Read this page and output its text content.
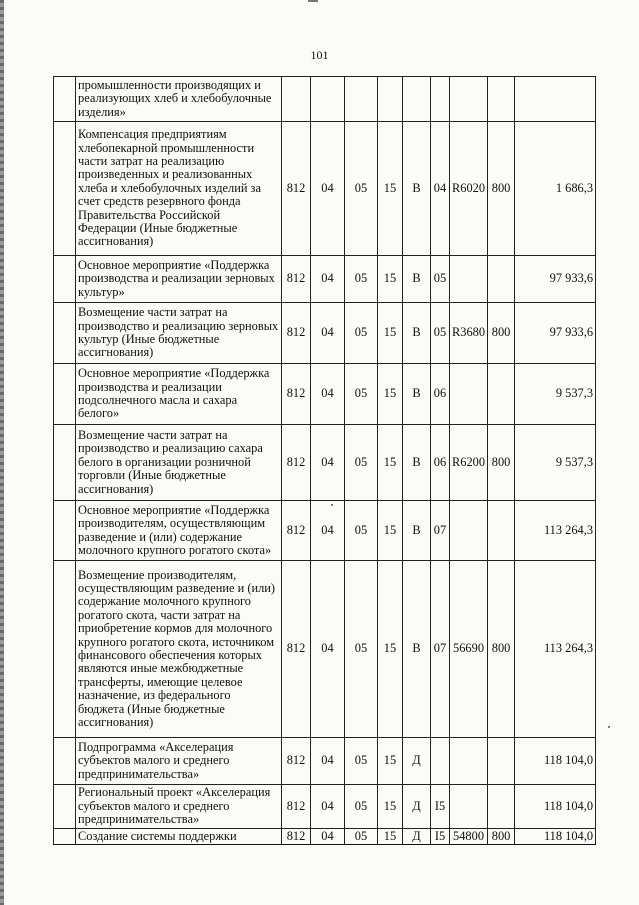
101

	промышленности производящих и реализующих хлеб и хлебобулочные изделия»									

	Компенсация предприятиям хлебопекарной промышленности части затрат на реализацию произведенных и реализованных хлеба и хлебобулочных изделий за счет средств резервного фонда Правительства Российской Федерации (Иные бюджетные ассигнования)	812	04	05	15	В	04	R6020	800	1 686,3

	Основное мероприятие «Поддержка производства и реализации зерновых культур»	812	04	05	15	В	05			97 933,6

	Возмещение части затрат на производство и реализацию зерновых культур (Иные бюджетные ассигнования)	812	04	05	15	В	05	R3680	800	97 933,6

	Основное мероприятие «Поддержка производства и реализации подсолнечного масла и сахара белого»	812	04	05	15	В	06			9 537,3

	Возмещение части затрат на производство и реализацию сахара белого в организации розничной торговли (Иные бюджетные ассигнования)	812	04	05	15	В	06	R6200	800	9 537,3

	Основное мероприятие «Поддержка производителям, осуществляющим разведение и (или) содержание молочного крупного рогатого скота»	812	04	05	15	В	07			113 264,3

	Возмещение производителям, осуществляющим разведение и (или) содержание молочного крупного рогатого скота, части затрат на приобретение кормов для молочного крупного рогатого скота, источником финансового обеспечения которых являются иные межбюджетные трансферты, имеющие целевое назначение, из федерального бюджета (Иные бюджетные ассигнования)	812	04	05	15	В	07	56690	800	113 264,3

	Подпрограмма «Акселерация субъектов малого и среднего предпринимательства»	812	04	05	15	Д				118 104,0

	Региональный проект «Акселерация субъектов малого и среднего предпринимательства»	812	04	05	15	Д	I5			118 104,0

	Создание системы поддержки	812	04	05	15	Д	I5	54800	800	118 104,0
